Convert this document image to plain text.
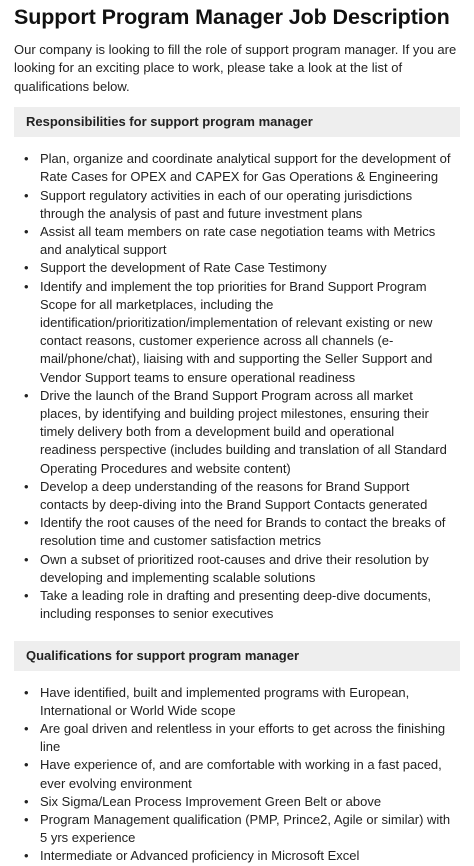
Support Program Manager Job Description

Our company is looking to fill the role of support program manager. If you are looking for an exciting place to work, please take a look at the list of qualifications below.

Responsibilities for support program manager
• Plan, organize and coordinate analytical support for the development of Rate Cases for OPEX and CAPEX for Gas Operations & Engineering
• Support regulatory activities in each of our operating jurisdictions through the analysis of past and future investment plans
• Assist all team members on rate case negotiation teams with Metrics and analytical support
• Support the development of Rate Case Testimony
• Identify and implement the top priorities for Brand Support Program Scope for all marketplaces, including the identification/prioritization/implementation of relevant existing or new contact reasons, customer experience across all channels (e-mail/phone/chat), liaising with and supporting the Seller Support and Vendor Support teams to ensure operational readiness
• Drive the launch of the Brand Support Program across all market places, by identifying and building project milestones, ensuring their timely delivery both from a development build and operational readiness perspective (includes building and translation of all Standard Operating Procedures and website content)
• Develop a deep understanding of the reasons for Brand Support contacts by deep-diving into the Brand Support Contacts generated
• Identify the root causes of the need for Brands to contact the breaks of resolution time and customer satisfaction metrics
• Own a subset of prioritized root-causes and drive their resolution by developing and implementing scalable solutions
• Take a leading role in drafting and presenting deep-dive documents, including responses to senior executives
Qualifications for support program manager
• Have identified, built and implemented programs with European, International or World Wide scope
• Are goal driven and relentless in your efforts to get across the finishing line
• Have experience of, and are comfortable with working in a fast paced, ever evolving environment
• Six Sigma/Lean Process Improvement Green Belt or above
• Program Management qualification (PMP, Prince2, Agile or similar) with 5 yrs experience
• Intermediate or Advanced proficiency in Microsoft Excel
